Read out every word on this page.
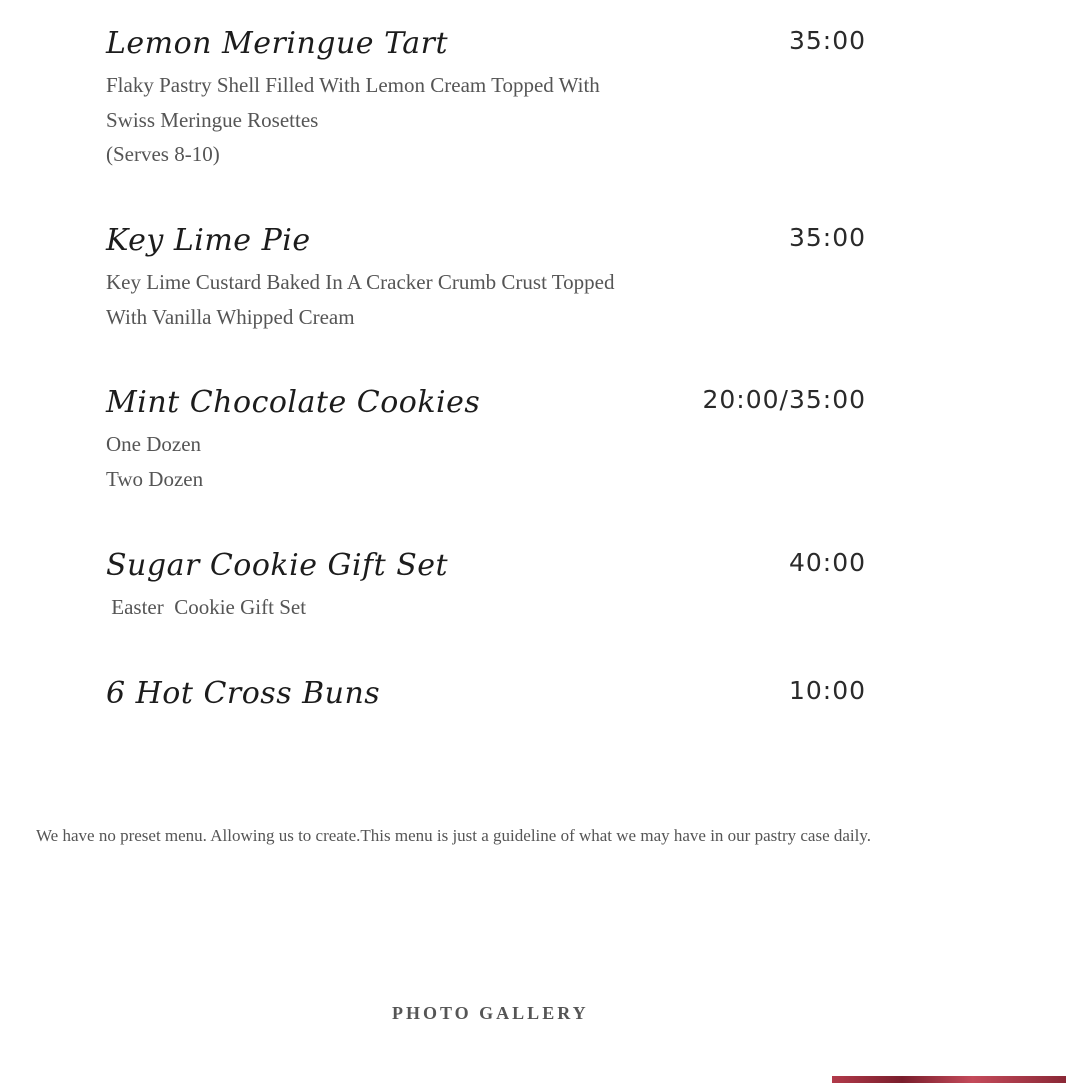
Lemon Meringue Tart	35:00
Flaky Pastry Shell Filled With Lemon Cream Topped With
Swiss Meringue Rosettes
(Serves 8-10)
Key Lime Pie	35:00
Key Lime Custard Baked In A Cracker Crumb Crust Topped
With Vanilla Whipped Cream
Mint Chocolate Cookies	20:00/35:00
One Dozen
Two Dozen
Sugar Cookie Gift Set	40:00
Easter  Cookie Gift Set
6 Hot Cross Buns	10:00
We have no preset menu. Allowing us to create.This menu is just a guideline of what we may have in our pastry case daily.
PHOTO GALLERY
